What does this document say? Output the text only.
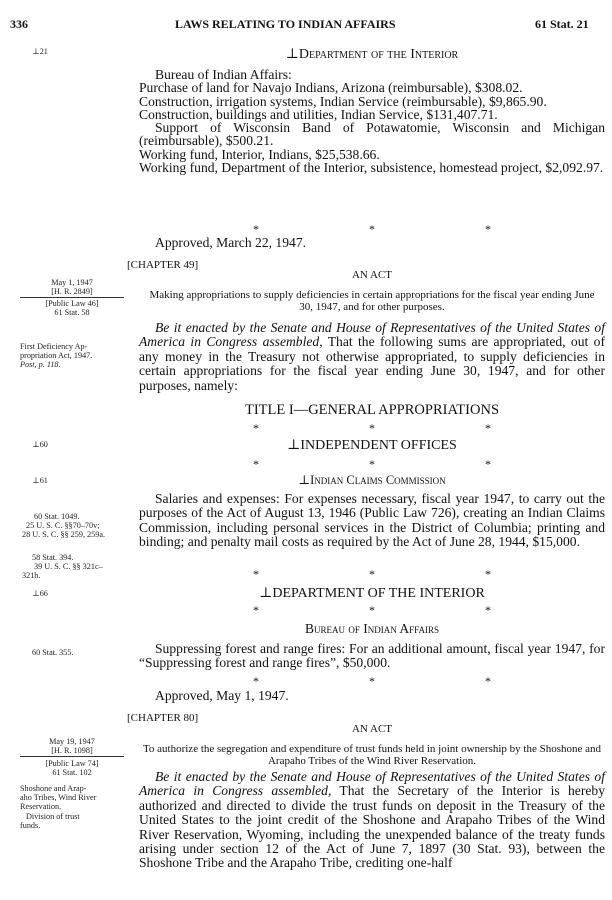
336	LAWS RELATING TO INDIAN AFFAIRS	61 Stat. 21
⊥21	⊥Department of the Interior

Bureau of Indian Affairs:

Purchase of land for Navajo Indians, Arizona (reimbursable), $308.02.

Construction, irrigation systems, Indian Service (reimbursable), $9,865.90.

Construction, buildings and utilities, Indian Service, $131,407.71.

Support of Wisconsin Band of Potawatomie, Wisconsin and Michigan (reimbursable), $500.21.

Working fund, Interior, Indians, $25,538.66.

Working fund, Department of the Interior, subsistence, homestead project, $2,092.97.

*	*	*
Approved, March 22, 1947.
[CHAPTER 49]
AN ACT
May 1, 1947
[H. R. 2849]
[Public Law 46]
61 Stat. 58
Making appropriations to supply deficiencies in certain appropriations for the fiscal year ending June 30, 1947, and for other purposes.
First Deficiency Ap-
propriation Act, 1947.
Post, p. 118.

Be it enacted by the Senate and House of Representatives of the United States of America in Congress assembled, That the following sums are appropriated, out of any money in the Treasury not otherwise appropriated, to supply deficiencies in certain appropriations for the fiscal year ending June 30, 1947, and for other purposes, namely:

TITLE I—GENERAL APPROPRIATIONS
*	*	*
⊥60	⊥INDEPENDENT OFFICES
*	*	*
⊥61	⊥Indian Claims Commission
60 Stat. 1049.
25 U. S. C. §§70–70v;
28 U. S. C. §§ 259, 259a.

Salaries and expenses: For expenses necessary, fiscal year 1947, to carry out the purposes of the Act of August 13, 1946 (Public Law 726), creating an Indian Claims Commission, including personal services in the District of Columbia; printing and binding; and penalty mail costs as required by the Act of June 28, 1944, $15,000.

58 Stat. 394.
39 U. S. C. §§ 321c–
321h.	*	*	*
⊥66	⊥DEPARTMENT OF THE INTERIOR
*	*	*
Bureau of Indian Affairs
60 Stat. 355.	Suppressing forest and range fires: For an additional amount, fiscal year 1947, for “Suppressing forest and range fires”, $50,000.

*	*	*
Approved, May 1, 1947.
[CHAPTER 80]
AN ACT
May 19, 1947
[H. R. 1098]
[Public Law 74]
61 Stat. 102
To authorize the segregation and expenditure of trust funds held in joint ownership by the Shoshone and Arapaho Tribes of the Wind River Reservation.
Shoshone and Arap-
aho Tribes, Wind River
Reservation.
Division of trust
funds.

Be it enacted by the Senate and House of Representatives of the United States of America in Congress assembled, That the Secretary of the Interior is hereby authorized and directed to divide the trust funds on deposit in the Treasury of the United States to the joint credit of the Shoshone and Arapaho Tribes of the Wind River Reservation, Wyoming, including the unexpended balance of the treaty funds arising under section 12 of the Act of June 7, 1897 (30 Stat. 93), between the Shoshone Tribe and the Arapaho Tribe, crediting one-half
